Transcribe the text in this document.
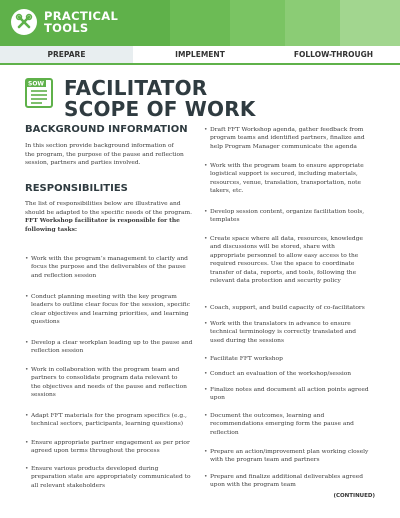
PRACTICAL
TOOLS
PREPARE	IMPLEMENT	FOLLOW-THROUGH
SOW FACILITATOR
SCOPE OF WORK
BACKGROUND INFORMATION

In this section provide background information of
the program, the purpose of the pause and reflection
session, partners and parties involved.

RESPONSIBILITIES

The list of responsibilities below are illustrative and
should be adapted to the specific needs of the program.
FFT Workshop facilitator is responsible for the
following tasks:

• Work with the program’s management to clarify and
focus the purpose and the deliverables of the pause
and reflection session
• Conduct planning meeting with the key program
leaders to outline clear focus for the session, specific
clear objectives and learning priorities, and learning
questions
• Develop a clear workplan leading up to the pause and
reflection session
• Work in collaboration with the program team and
partners to consolidate program data relevant to
the objectives and needs of the pause and reflection
sessions
• Adapt FFT materials for the program specifics (e.g.,
technical sectors, participants, learning questions)
• Ensure appropriate partner engagement as per prior
agreed upon terms throughout the process
• Ensure various products developed during
preparation state are appropriately communicated to
all relevant stakeholders
• Draft FFT Workshop agenda, gather feedback from
program teams and identified partners, finalize and
help Program Manager communicate the agenda
• Work with the program team to ensure appropriate
logistical support is secured, including materials,
resources, venue, translation, transportation, note
takers, etc.
• Develop session content, organize facilitation tools,
templates
• Create space where all data, resources, knowledge
and discussions will be stored, share with
appropriate personnel to allow easy access to the
required resources. Use the space to coordinate
transfer of data, reports, and tools, following the
relevant data protection and security policy
• Coach, support, and build capacity of co-facilitators
• Work with the translators in advance to ensure
technical terminology is correctly translated and
used during the sessions
• Facilitate FFT workshop
• Conduct an evaluation of the workshop/session
• Finalize notes and document all action points agreed
upon
• Document the outcomes, learning and
recommendations emerging form the pause and
reflection
• Prepare an action/improvement plan working closely
with the program team and partners
• Prepare and finalize additional deliverables agreed
upon with the program team
(CONTINUED)
